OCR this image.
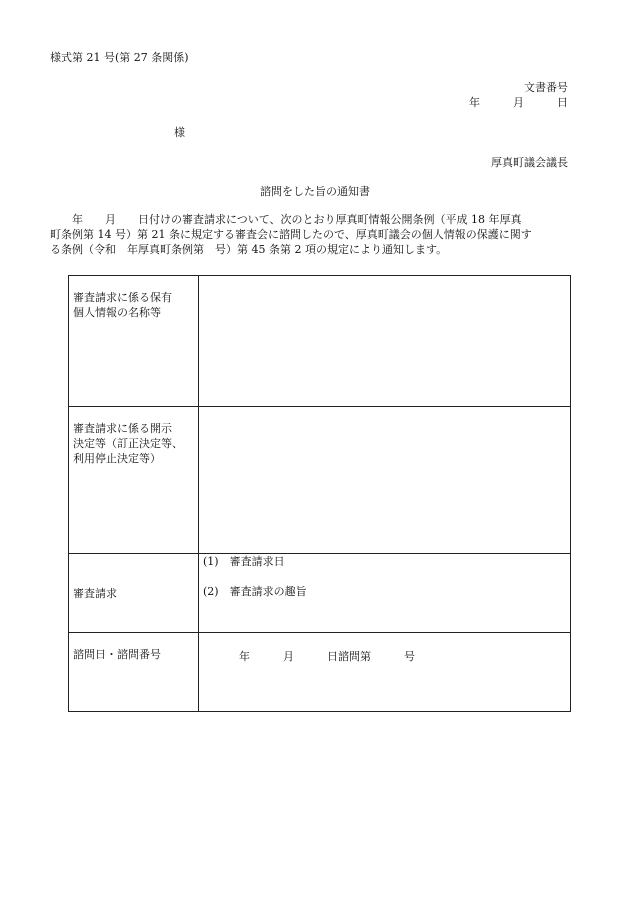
様式第 21 号(第 27 条関係)
文書番号
年	月	日
様
厚真町議会議長
諮問をした旨の通知書
　　年　　月　　日付けの審査請求について、次のとおり厚真町情報公開条例（平成 18 年厚真
町条例第 14 号）第 21 条に規定する審査会に諮問したので、厚真町議会の個人情報の保護に関す
る条例（令和　年厚真町条例第　号）第 45 条第 2 項の規定により通知します。
審査請求に係る保有
個人情報の名称等	

審査請求に係る開示
決定等（訂正決定等、
利用停止決定等）	

審査請求	(1)　審査請求日
(2)　審査請求の趣旨

諮問日・諮問番号	年 月 日諮問第 号
